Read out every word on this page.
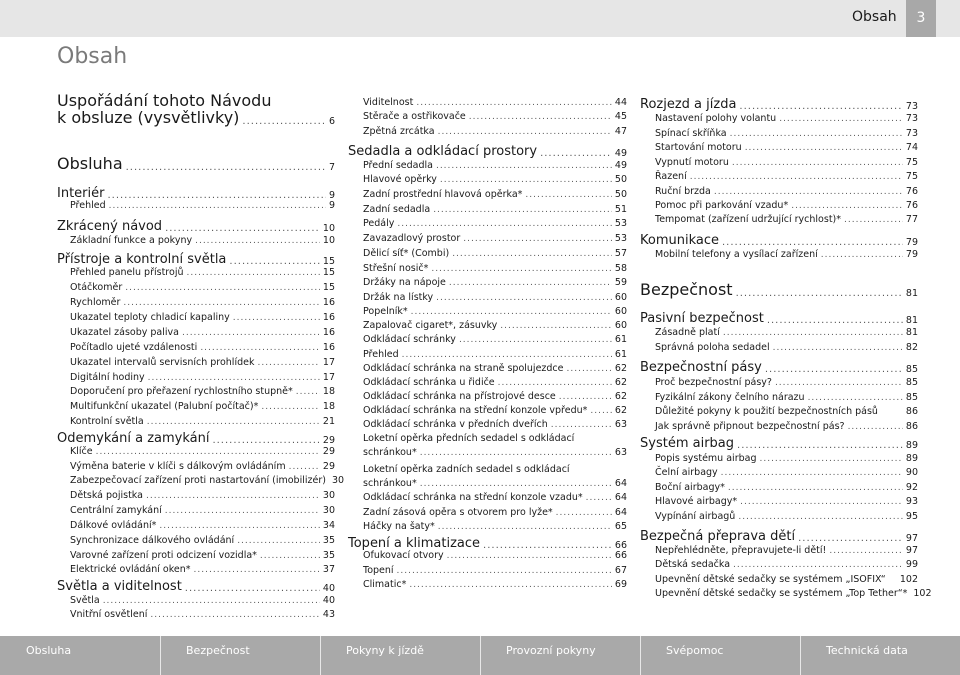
Obsah	3
Obsah
Uspořádání tohoto Návodu
k obsluze (vysvětlivky) .....	6
Obsluha .....	7
Interiér .....	9
Přehled .....	9
Zkrácený návod .....	10
Základní funkce a pokyny .....	10
Přístroje a kontrolní světla .....	15
Přehled panelu přístrojů .....	15
Otáčkoměr .....	15
Rychloměr .....	16
Ukazatel teploty chladicí kapaliny .....	16
Ukazatel zásoby paliva .....	16
Počítadlo ujeté vzdálenosti .....	16
Ukazatel intervalů servisních prohlídek .....	17
Digitální hodiny .....	17
Doporučení pro přeřazení rychlostního stupně* .....	18
Multifunkční ukazatel (Palubní počítač)* .....	18
Kontrolní světla .....	21
Odemykání a zamykání .....	29
Klíče .....	29
Výměna baterie v klíči s dálkovým ovládáním .....	29
Zabezpečovací zařízení proti nastartování (imobilizér) 30
Dětská pojistka .....	30
Centrální zamykání .....	30
Dálkové ovládání* .....	34
Synchronizace dálkového ovládání .....	35
Varovné zařízení proti odcizení vozidla* .....	35
Elektrické ovládání oken* .....	37
Světla a viditelnost .....	40
Světla .....	40
Vnitřní osvětlení .....	43
Viditelnost .....	44
Stěrače a ostřikovače .....	45
Zpětná zrcátka .....	47
Sedadla a odkládací prostory .....	49
Přední sedadla .....	49
Hlavové opěrky .....	50
Zadní prostřední hlavová opěrka* .....	50
Zadní sedadla .....	51
Pedály .....	53
Zavazadlový prostor .....	53
Dělicí síť* (Combi) .....	57
Střešní nosič* .....	58
Držáky na nápoje .....	59
Držák na lístky .....	60
Popelník* .....	60
Zapalovač cigaret*, zásuvky .....	60
Odkládací schránky .....	61
Přehled .....	61
Odkládací schránka na straně spolujezdce .....	62
Odkládací schránka u řidiče .....	62
Odkládací schránka na přístrojové desce .....	62
Odkládací schránka na střední konzole vpředu* .....	62
Odkládací schránka v předních dveřích .....	63
Loketní opěrka předních sedadel s odkládací
schránkou* .....	63
Loketní opěrka zadních sedadel s odkládací
schránkou* .....	64
Odkládací schránka na střední konzole vzadu* .....	64
Zadní zásová opěra s otvorem pro lyže* .....	64
Háčky na šaty* .....	65
Topení a klimatizace .....	66
Ofukovací otvory .....	66
Topení .....	67
Climatic* .....	69
Rozjezd a jízda .....	73
Nastavení polohy volantu .....	73
Spínací skříňka .....	73
Startování motoru .....	74
Vypnutí motoru .....	75
Řazení .....	75
Ruční brzda .....	76
Pomoc při parkování vzadu* .....	76
Tempomat (zařízení udržující rychlost)* .....	77
Komunikace .....	79
Mobilní telefony a vysílací zařízení .....	79
Bezpečnost .....	81
Pasivní bezpečnost .....	81
Zásadně platí .....	81
Správná poloha sedadel .....	82
Bezpečnostní pásy .....	85
Proč bezpečnostní pásy? .....	85
Fyzikální zákony čelního nárazu .....	85
Důležité pokyny k použití bezpečnostních pásů	86
Jak správně připnout bezpečnostní pás? .....	86
Systém airbag .....	89
Popis systému airbag .....	89
Čelní airbagy .....	90
Boční airbagy* .....	92
Hlavové airbagy* .....	93
Vypínání airbagů .....	95
Bezpečná přeprava dětí .....	97
Nepřehlédněte, přepravujete-li dětí! .....	97
Dětská sedačka .....	99
Upevnění dětské sedačky se systémem „ISOFIX“ 102
Upevnění dětské sedačky se systémem „Top Tether“* 102
Obsluha	Bezpečnost	Pokyny k jízdě	Provozní pokyny	Svépomoc	Technická data
